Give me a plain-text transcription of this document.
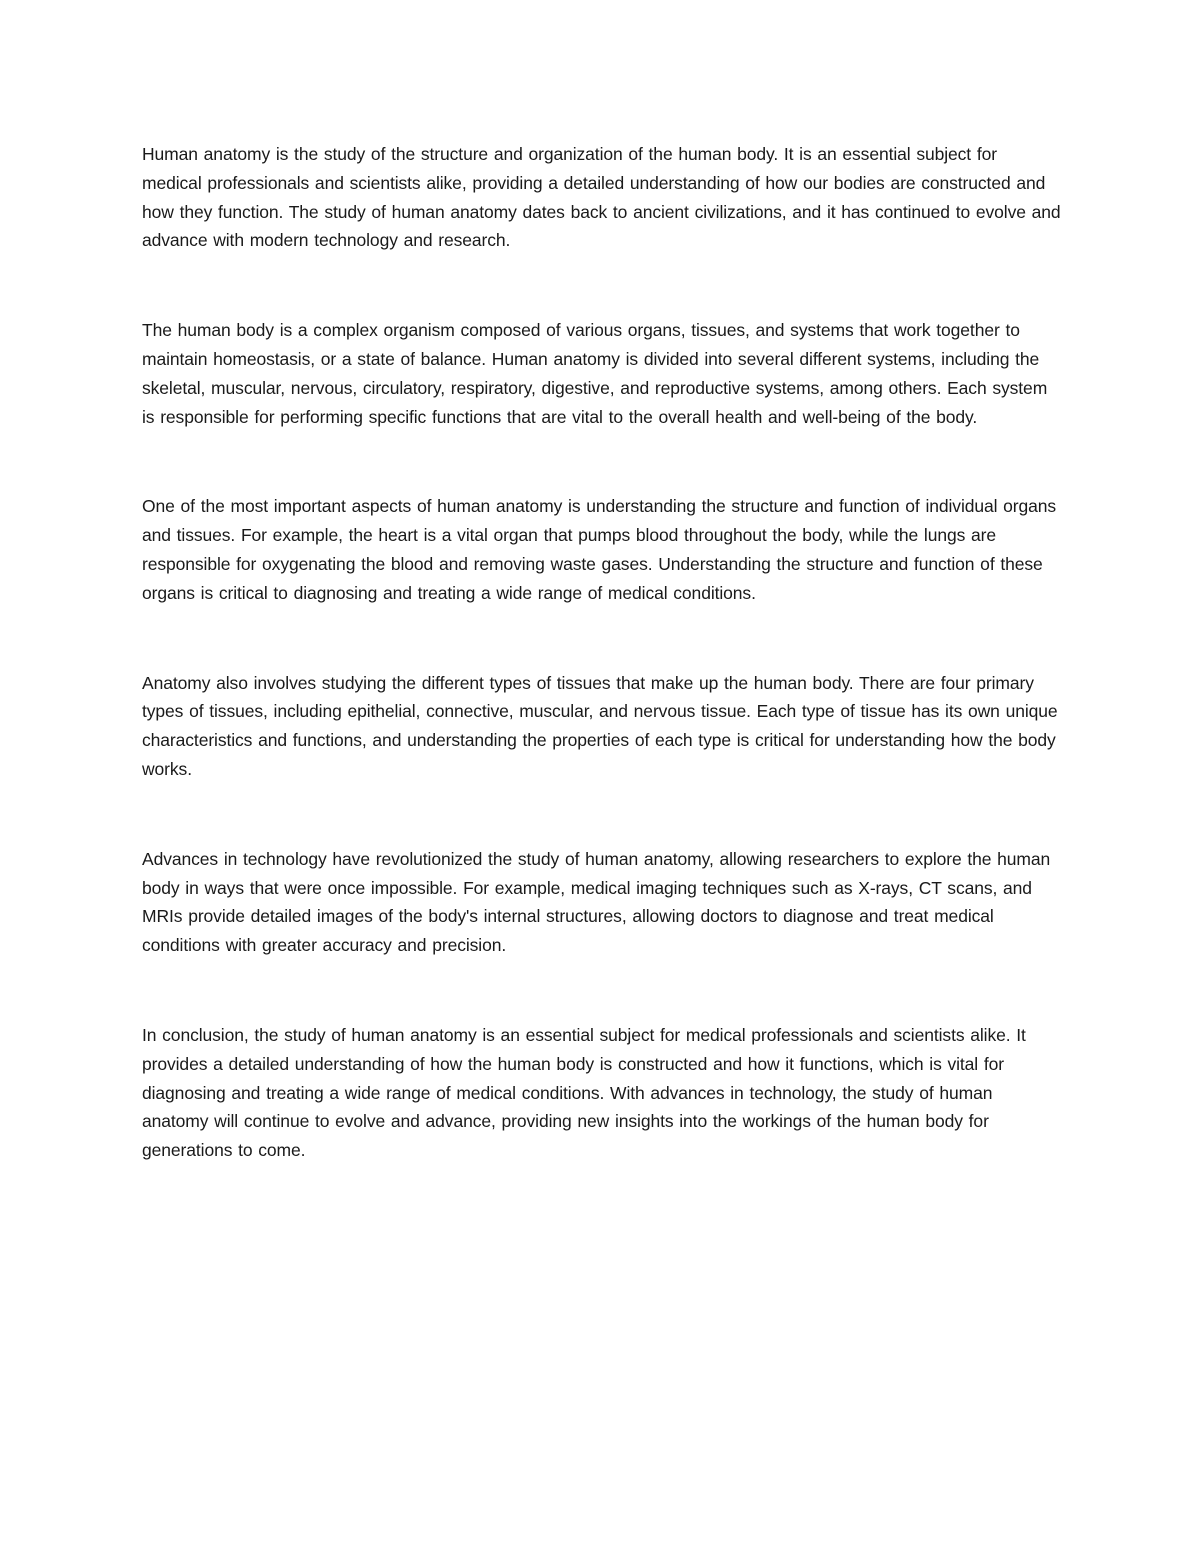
Human anatomy is the study of the structure and organization of the human body. It is an essential subject for medical professionals and scientists alike, providing a detailed understanding of how our bodies are constructed and how they function. The study of human anatomy dates back to ancient civilizations, and it has continued to evolve and advance with modern technology and research.

The human body is a complex organism composed of various organs, tissues, and systems that work together to maintain homeostasis, or a state of balance. Human anatomy is divided into several different systems, including the skeletal, muscular, nervous, circulatory, respiratory, digestive, and reproductive systems, among others. Each system is responsible for performing specific functions that are vital to the overall health and well-being of the body.

One of the most important aspects of human anatomy is understanding the structure and function of individual organs and tissues. For example, the heart is a vital organ that pumps blood throughout the body, while the lungs are responsible for oxygenating the blood and removing waste gases. Understanding the structure and function of these organs is critical to diagnosing and treating a wide range of medical conditions.

Anatomy also involves studying the different types of tissues that make up the human body. There are four primary types of tissues, including epithelial, connective, muscular, and nervous tissue. Each type of tissue has its own unique characteristics and functions, and understanding the properties of each type is critical for understanding how the body works.

Advances in technology have revolutionized the study of human anatomy, allowing researchers to explore the human body in ways that were once impossible. For example, medical imaging techniques such as X-rays, CT scans, and MRIs provide detailed images of the body's internal structures, allowing doctors to diagnose and treat medical conditions with greater accuracy and precision.

In conclusion, the study of human anatomy is an essential subject for medical professionals and scientists alike. It provides a detailed understanding of how the human body is constructed and how it functions, which is vital for diagnosing and treating a wide range of medical conditions. With advances in technology, the study of human anatomy will continue to evolve and advance, providing new insights into the workings of the human body for generations to come.
